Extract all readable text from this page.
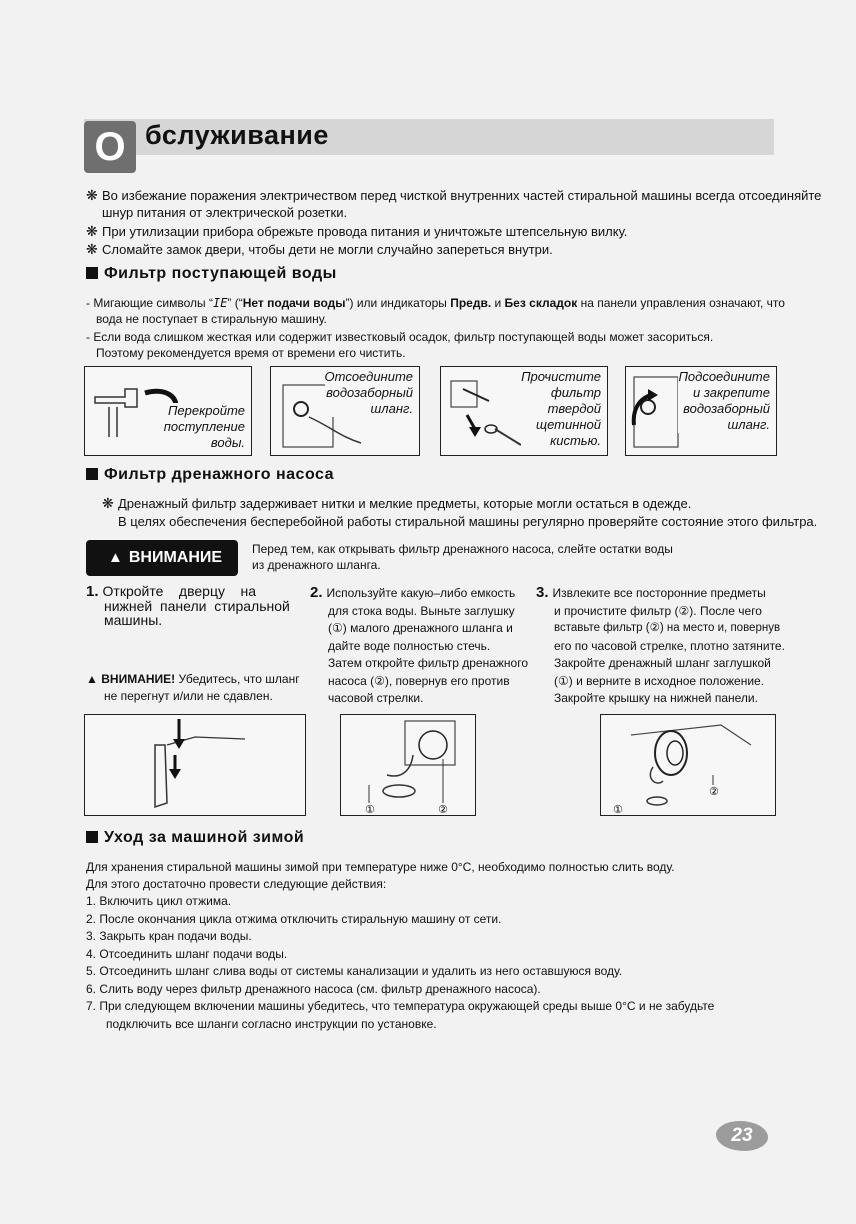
О бслуживание
❋ Во избежание поражения электричеством перед чисткой внутренних частей стиральной машины всегда отсоединяйте
шнур питания от электрической розетки.
❋ При утилизации прибора обрежьте провода питания и уничтожьте штепсельную вилку.
❋ Сломайте замок двери, чтобы дети не могли случайно запереться внутри.
Фильтр поступающей воды
- Мигающие символы “IE” (“Нет подачи воды”) или индикаторы Предв. и Без складок на панели управления означают, что
вода не поступает в стиральную машину.
- Если вода слишком жесткая или содержит известковый осадок, фильтр поступающей воды может засориться.
Поэтому рекомендуется время от времени его чистить.
Перекройте
поступление
воды.
Отсоедините
водозаборный
шланг.
Прочистите
фильтр
твердой
щетинной
кистью.
Подсоедините
и закрепите
водозаборный
шланг.
Фильтр дренажного насоса
❋ Дренажный фильтр задерживает нитки и мелкие предметы, которые могли остаться в одежде.
В целях обеспечения бесперебойной работы стиральной машины регулярно проверяйте состояние этого фильтра.
▲ ВНИМАНИЕ	Перед тем, как открывать фильтр дренажного насоса, слейте остатки воды
из дренажного шланга.
1. Откройте    дверцу    на
нижней  панели  стиральной
машины.
▲ ВНИМАНИЕ! Убедитесь, что шланг
не перегнут и/или не сдавлен.
2. Используйте какую–либо емкость
для стока воды. Выньте заглушку
(①) малого дренажного шланга и
дайте воде полностью стечь.
Затем откройте фильтр дренажного
насоса (②), повернув его против
часовой стрелки.
3. Извлеките все посторонние предметы
и прочистите фильтр (②). После чего
вставьте фильтр (②) на место и, повернув
его по часовой стрелке, плотно затяните.
Закройте дренажный шланг заглушкой
(①) и верните в исходное положение.
Закройте крышку на нижней панели.
①	②
②
①
Уход за машиной зимой
Для хранения стиральной машины зимой при температуре ниже 0°C, необходимо полностью слить воду.
Для этого достаточно провести следующие действия:
1. Включить цикл отжима.
2. После окончания цикла отжима отключить стиральную машину от сети.
3. Закрыть кран подачи воды.
4. Отсоединить шланг подачи воды.
5. Отсоединить шланг слива воды от системы канализации и удалить из него оставшуюся воду.
6. Слить воду через фильтр дренажного насоса (см. фильтр дренажного насоса).
7. При следующем включении машины убедитесь, что температура окружающей среды выше 0°C и не забудьте
подключить все шланги согласно инструкции по установке.
23
